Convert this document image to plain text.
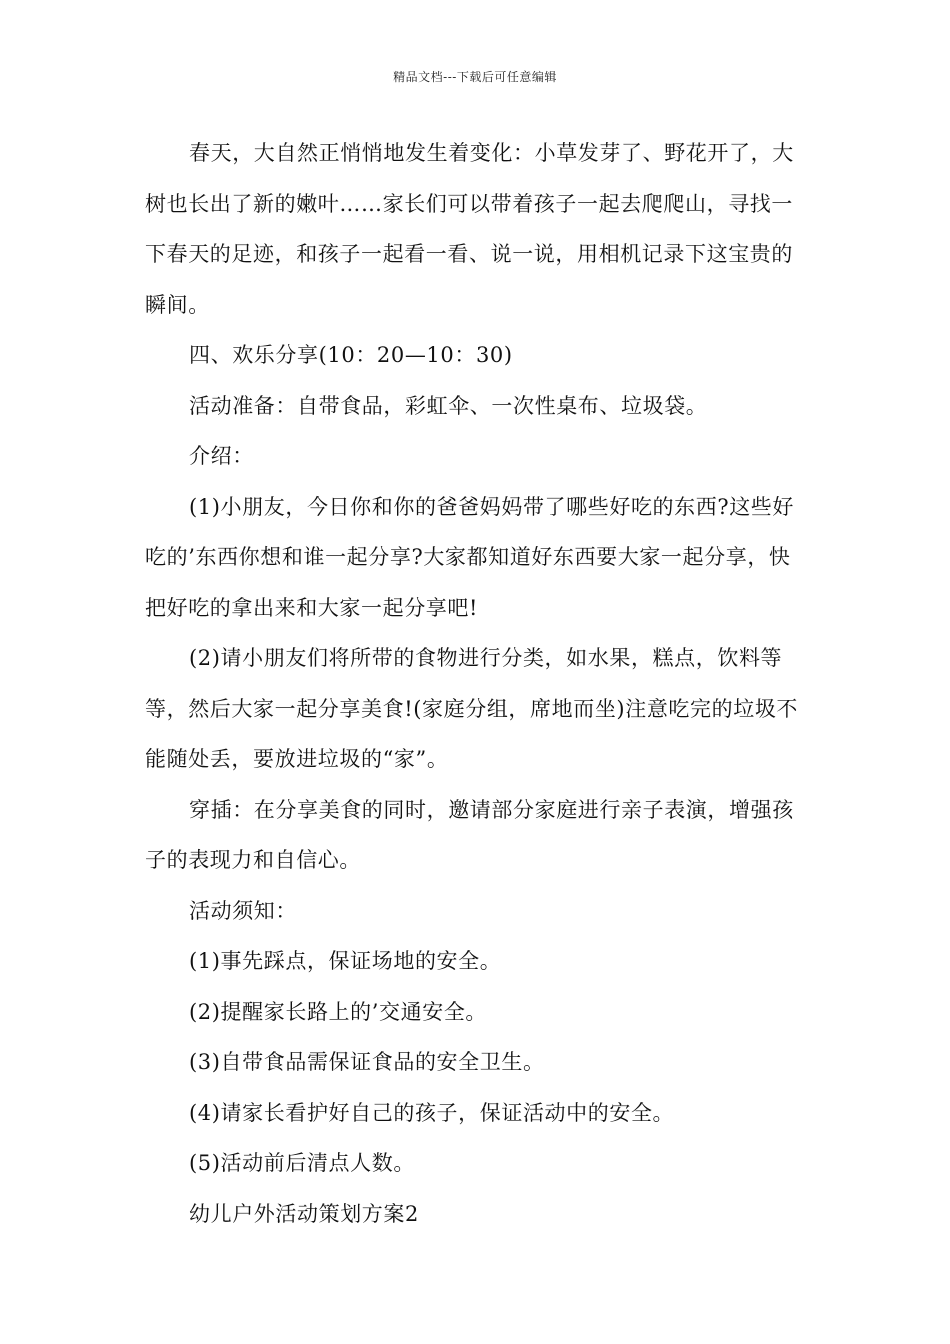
精品文档---下载后可任意编辑

春天，大自然正悄悄地发生着变化：小草发芽了、野花开了，大树也长出了新的嫩叶……家长们可以带着孩子一起去爬爬山，寻找一下春天的足迹，和孩子一起看一看、说一说，用相机记录下这宝贵的瞬间。

四、欢乐分享(10：20—10：30)

活动准备：自带食品，彩虹伞、一次性桌布、垃圾袋。

介绍：

(1)小朋友，今日你和你的爸爸妈妈带了哪些好吃的东西?这些好吃的’东西你想和谁一起分享?大家都知道好东西要大家一起分享，快把好吃的拿出来和大家一起分享吧!

(2)请小朋友们将所带的食物进行分类，如水果，糕点，饮料等等，然后大家一起分享美食!(家庭分组，席地而坐)注意吃完的垃圾不能随处丢，要放进垃圾的“家”。

穿插：在分享美食的同时，邀请部分家庭进行亲子表演，增强孩子的表现力和自信心。

活动须知：

(1)事先踩点，保证场地的安全。

(2)提醒家长路上的’交通安全。

(3)自带食品需保证食品的安全卫生。

(4)请家长看护好自己的孩子，保证活动中的安全。

(5)活动前后清点人数。

幼儿户外活动策划方案2
